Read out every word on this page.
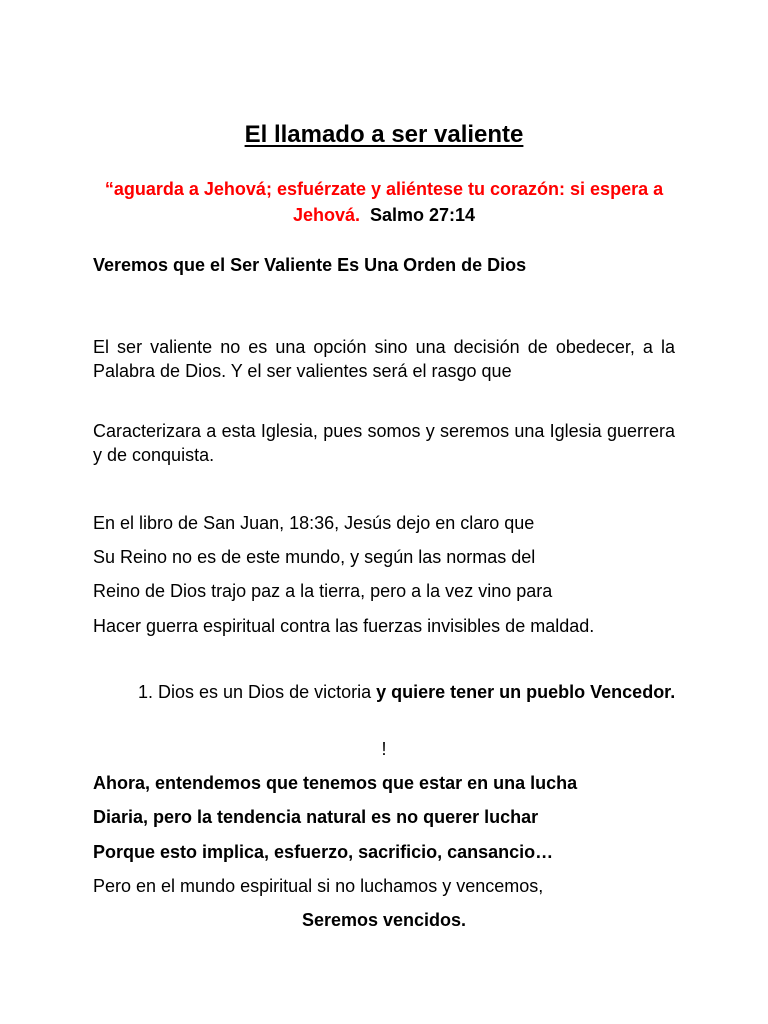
El llamado a ser valiente

“aguarda a Jehová; esfuérzate y aliéntese tu corazón: si espera a Jehová. Salmo 27:14

Veremos que el Ser Valiente Es Una Orden de Dios

El ser valiente no es una opción sino una decisión de obedecer, a la Palabra de Dios. Y el ser valientes será el rasgo que

Caracterizara a esta Iglesia, pues somos y seremos una Iglesia guerrera y de conquista.

En el libro de San Juan, 18:36, Jesús dejo en claro que

Su Reino no es de este mundo, y según las normas del

Reino de Dios trajo paz a la tierra, pero a la vez vino para

Hacer guerra espiritual contra las fuerzas invisibles de maldad.

1. Dios es un Dios de victoria y quiere tener un pueblo Vencedor.

!

Ahora, entendemos que tenemos que estar en una lucha

Diaria, pero la tendencia natural es no querer luchar

Porque esto implica, esfuerzo, sacrificio, cansancio…

Pero en el mundo espiritual si no luchamos y vencemos,

Seremos vencidos.
